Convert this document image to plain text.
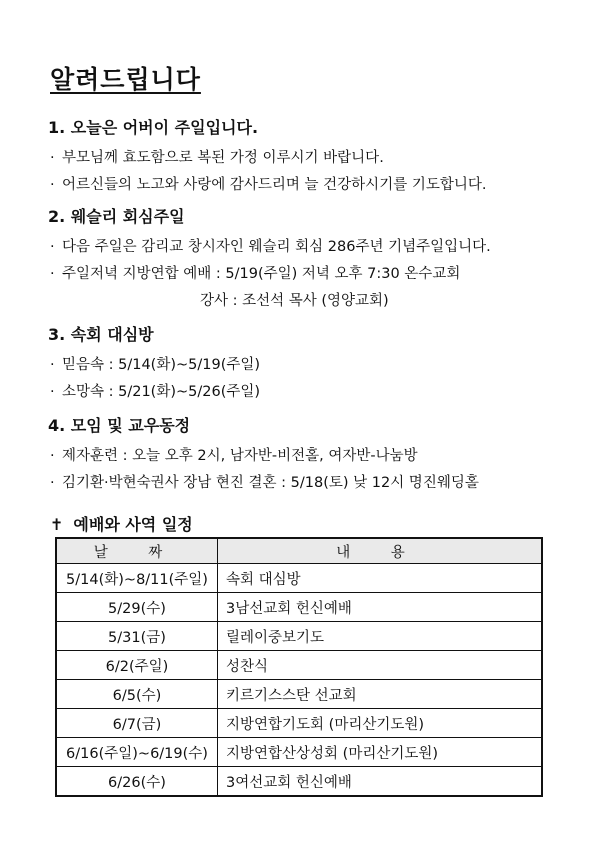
알려드립니다
1. 오늘은 어버이 주일입니다.
· 부모님께 효도함으로 복된 가정 이루시기 바랍니다.
· 어르신들의 노고와 사랑에 감사드리며 늘 건강하시기를 기도합니다.
2. 웨슬리 회심주일
· 다음 주일은 감리교 창시자인 웨슬리 회심 286주년 기념주일입니다.
· 주일저녁 지방연합 예배 : 5/19(주일) 저녁 오후 7:30 온수교회
강사 : 조선석 목사 (영양교회)
3. 속회 대심방
· 믿음속 : 5/14(화)~5/19(주일)
· 소망속 : 5/21(화)~5/26(주일)
4. 모임 및 교우동정
· 제자훈련 : 오늘 오후 2시, 남자반-비전홀, 여자반-나눔방
· 김기환·박현숙권사 장남 현진 결혼 : 5/18(토) 낮 12시 명진웨딩홀
✝ 예배와 사역 일정
날 짜	내 용
5/14(화)~8/11(주일)	속회 대심방
5/29(수)	3남선교회 헌신예배
5/31(금)	릴레이중보기도
6/2(주일)	성찬식
6/5(수)	키르기스스탄 선교회
6/7(금)	지방연합기도회 (마리산기도원)
6/16(주일)~6/19(수)	지방연합산상성회 (마리산기도원)
6/26(수)	3여선교회 헌신예배
